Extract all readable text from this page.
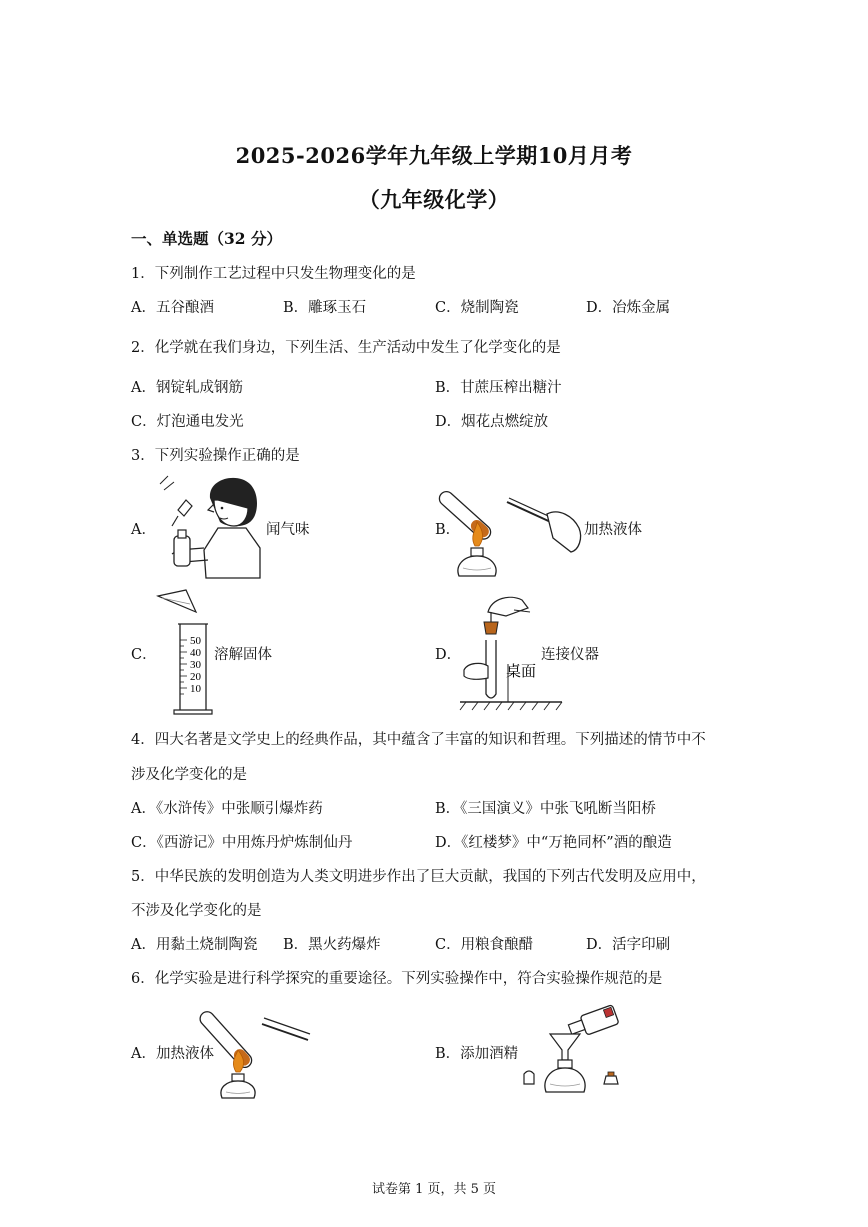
2025-2026学年九年级上学期10月月考
（九年级化学）
一、单选题（32 分）
1．下列制作工艺过程中只发生物理变化的是
A．五谷酿酒	B．雕琢玉石	C．烧制陶瓷	D．冶炼金属
2．化学就在我们身边，下列生活、生产活动中发生了化学变化的是
A．钢锭轧成钢筋	B．甘蔗压榨出糖汁
C．灯泡通电发光	D．烟花点燃绽放
3．下列实验操作正确的是
A．	闻气味	B．	加热液体
C．
50
40
30
20
10
溶解固体	D．
桌面
连接仪器
4．四大名著是文学史上的经典作品，其中蕴含了丰富的知识和哲理。下列描述的情节中不
涉及化学变化的是
A．《水浒传》中张顺引爆炸药	B．《三国演义》中张飞吼断当阳桥
C．《西游记》中用炼丹炉炼制仙丹	D．《红楼梦》中“万艳同杯”酒的酿造
5．中华民族的发明创造为人类文明进步作出了巨大贡献，我国的下列古代发明及应用中，
不涉及化学变化的是
A．用黏土烧制陶瓷 B．黑火药爆炸	C．用粮食酿醋	D．活字印刷
6．化学实验是进行科学探究的重要途径。下列实验操作中，符合实验操作规范的是
A．加热液体	B．添加酒精
试卷第 1 页，共 5 页
